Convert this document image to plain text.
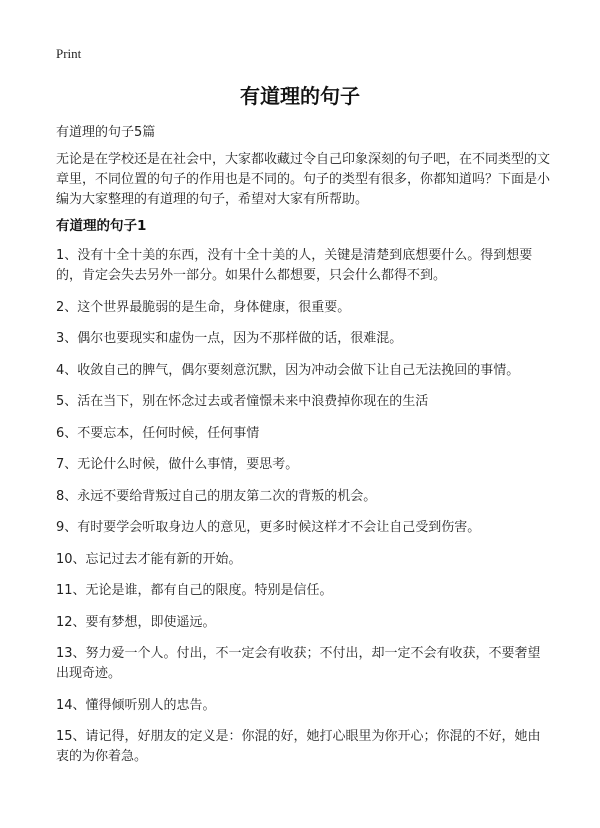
Print
有道理的句子
有道理的句子5篇
无论是在学校还是在社会中，大家都收藏过令自己印象深刻的句子吧，在不同类型的文章里，不同位置的句子的作用也是不同的。句子的类型有很多，你都知道吗？下面是小编为大家整理的有道理的句子，希望对大家有所帮助。
有道理的句子1
1、没有十全十美的东西，没有十全十美的人，关键是清楚到底想要什么。得到想要的，肯定会失去另外一部分。如果什么都想要，只会什么都得不到。
2、这个世界最脆弱的是生命，身体健康，很重要。
3、偶尔也要现实和虚伪一点，因为不那样做的话，很难混。
4、收敛自己的脾气，偶尔要刻意沉默，因为冲动会做下让自己无法挽回的事情。
5、活在当下，别在怀念过去或者憧憬未来中浪费掉你现在的生活
6、不要忘本，任何时候，任何事情
7、无论什么时候，做什么事情，要思考。
8、永远不要给背叛过自己的朋友第二次的背叛的机会。
9、有时要学会听取身边人的意见，更多时候这样才不会让自己受到伤害。
10、忘记过去才能有新的开始。
11、无论是谁，都有自己的限度。特别是信任。
12、要有梦想，即使遥远。
13、努力爱一个人。付出，不一定会有收获；不付出，却一定不会有收获，不要奢望出现奇迹。
14、懂得倾听别人的忠告。
15、请记得，好朋友的定义是：你混的好，她打心眼里为你开心；你混的不好，她由衷的为你着急。
